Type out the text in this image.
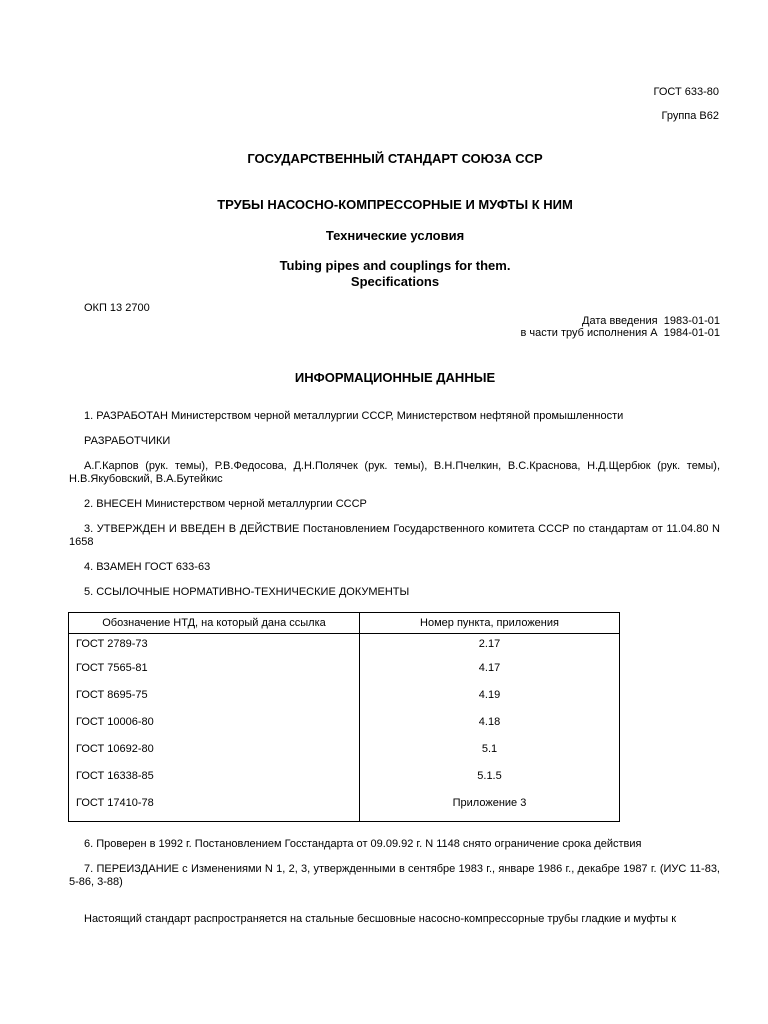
ГОСТ 633-80
Группа В62
ГОСУДАРСТВЕННЫЙ СТАНДАРТ СОЮЗА ССР
ТРУБЫ НАСОСНО-КОМПРЕССОРНЫЕ И МУФТЫ К НИМ
Технические условия
Tubing pipes and couplings for them.
Specifications
ОКП 13 2700
Дата введения  1983-01-01
в части труб исполнения А  1984-01-01
ИНФОРМАЦИОННЫЕ ДАННЫЕ
1. РАЗРАБОТАН Министерством черной металлургии СССР, Министерством нефтяной промышленности
РАЗРАБОТЧИКИ
А.Г.Карпов (рук. темы), Р.В.Федосова, Д.Н.Полячек (рук. темы), В.Н.Пчелкин, В.С.Краснова, Н.Д.Щербюк (рук. темы), Н.В.Якубовский, В.А.Бутейкис
2. ВНЕСЕН Министерством черной металлургии СССР
3. УТВЕРЖДЕН И ВВЕДЕН В ДЕЙСТВИЕ Постановлением Государственного комитета СССР по стандартам от 11.04.80 N 1658
4. ВЗАМЕН ГОСТ 633-63
5. ССЫЛОЧНЫЕ НОРМАТИВНО-ТЕХНИЧЕСКИЕ ДОКУМЕНТЫ
Обозначение НТД, на который дана ссылка	Номер пункта, приложения
ГОСТ 2789-73	2.17
ГОСТ 7565-81	4.17
ГОСТ 8695-75	4.19
ГОСТ 10006-80	4.18
ГОСТ 10692-80	5.1
ГОСТ 16338-85	5.1.5
ГОСТ 17410-78	Приложение 3
6. Проверен в 1992 г. Постановлением Госстандарта от 09.09.92 г. N 1148 снято ограничение срока действия
7. ПЕРЕИЗДАНИЕ с Изменениями N 1, 2, 3, утвержденными в сентябре 1983 г., январе 1986 г., декабре 1987 г. (ИУС 11-83, 5-86, 3-88)
Настоящий стандарт распространяется на стальные бесшовные насосно-компрессорные трубы гладкие и муфты к
